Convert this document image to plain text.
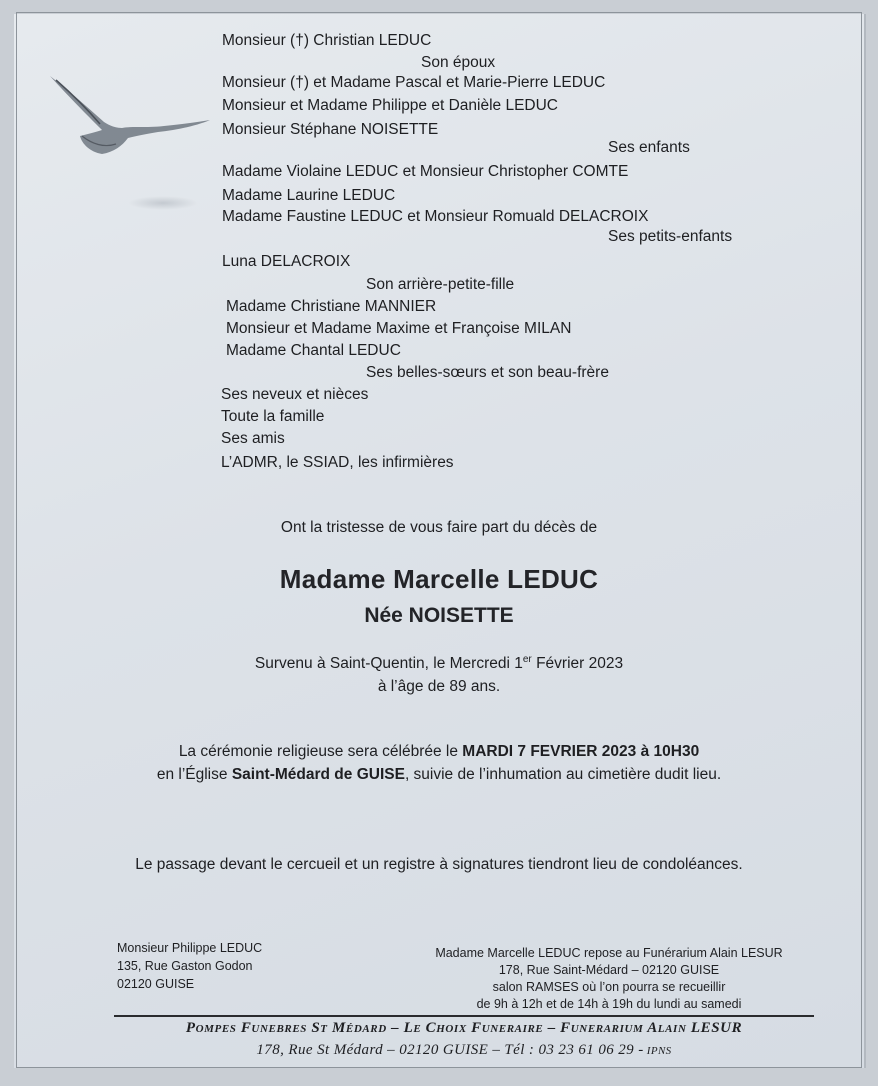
Monsieur (†) Christian LEDUC
Son époux
Monsieur (†) et Madame Pascal et Marie-Pierre LEDUC
Monsieur et Madame Philippe et Danièle LEDUC
Monsieur Stéphane NOISETTE
Ses enfants
Madame Violaine LEDUC et Monsieur Christopher COMTE
Madame Laurine LEDUC
Madame Faustine LEDUC et Monsieur Romuald DELACROIX
Ses petits-enfants
Luna DELACROIX
Son arrière-petite-fille
Madame Christiane MANNIER
Monsieur et Madame Maxime et Françoise MILAN
Madame Chantal LEDUC
Ses belles-sœurs et son beau-frère
Ses neveux et nièces
Toute la famille
Ses amis
L’ADMR, le SSIAD, les infirmières
Ont la tristesse de vous faire part du décès de
Madame Marcelle LEDUC
Née NOISETTE
Survenu à Saint-Quentin, le Mercredi 1er Février 2023
à l’âge de 89 ans.
La cérémonie religieuse sera célébrée le MARDI 7 FEVRIER 2023 à 10H30
en l’Église Saint-Médard de GUISE, suivie de l’inhumation au cimetière dudit lieu.
Le passage devant le cercueil et un registre à signatures tiendront lieu de condoléances.
Monsieur Philippe LEDUC
135, Rue Gaston Godon
02120 GUISE
Madame Marcelle LEDUC repose au Funérarium Alain LESUR
178, Rue Saint-Médard – 02120 GUISE
salon RAMSES où l’on pourra se recueillir
de 9h à 12h et de 14h à 19h du lundi au samedi
Pompes Funebres St Médard – Le Choix Funeraire – Funerarium Alain LESUR
178, Rue St Médard – 02120 GUISE – Tél : 03 23 61 06 29 - IPNS
